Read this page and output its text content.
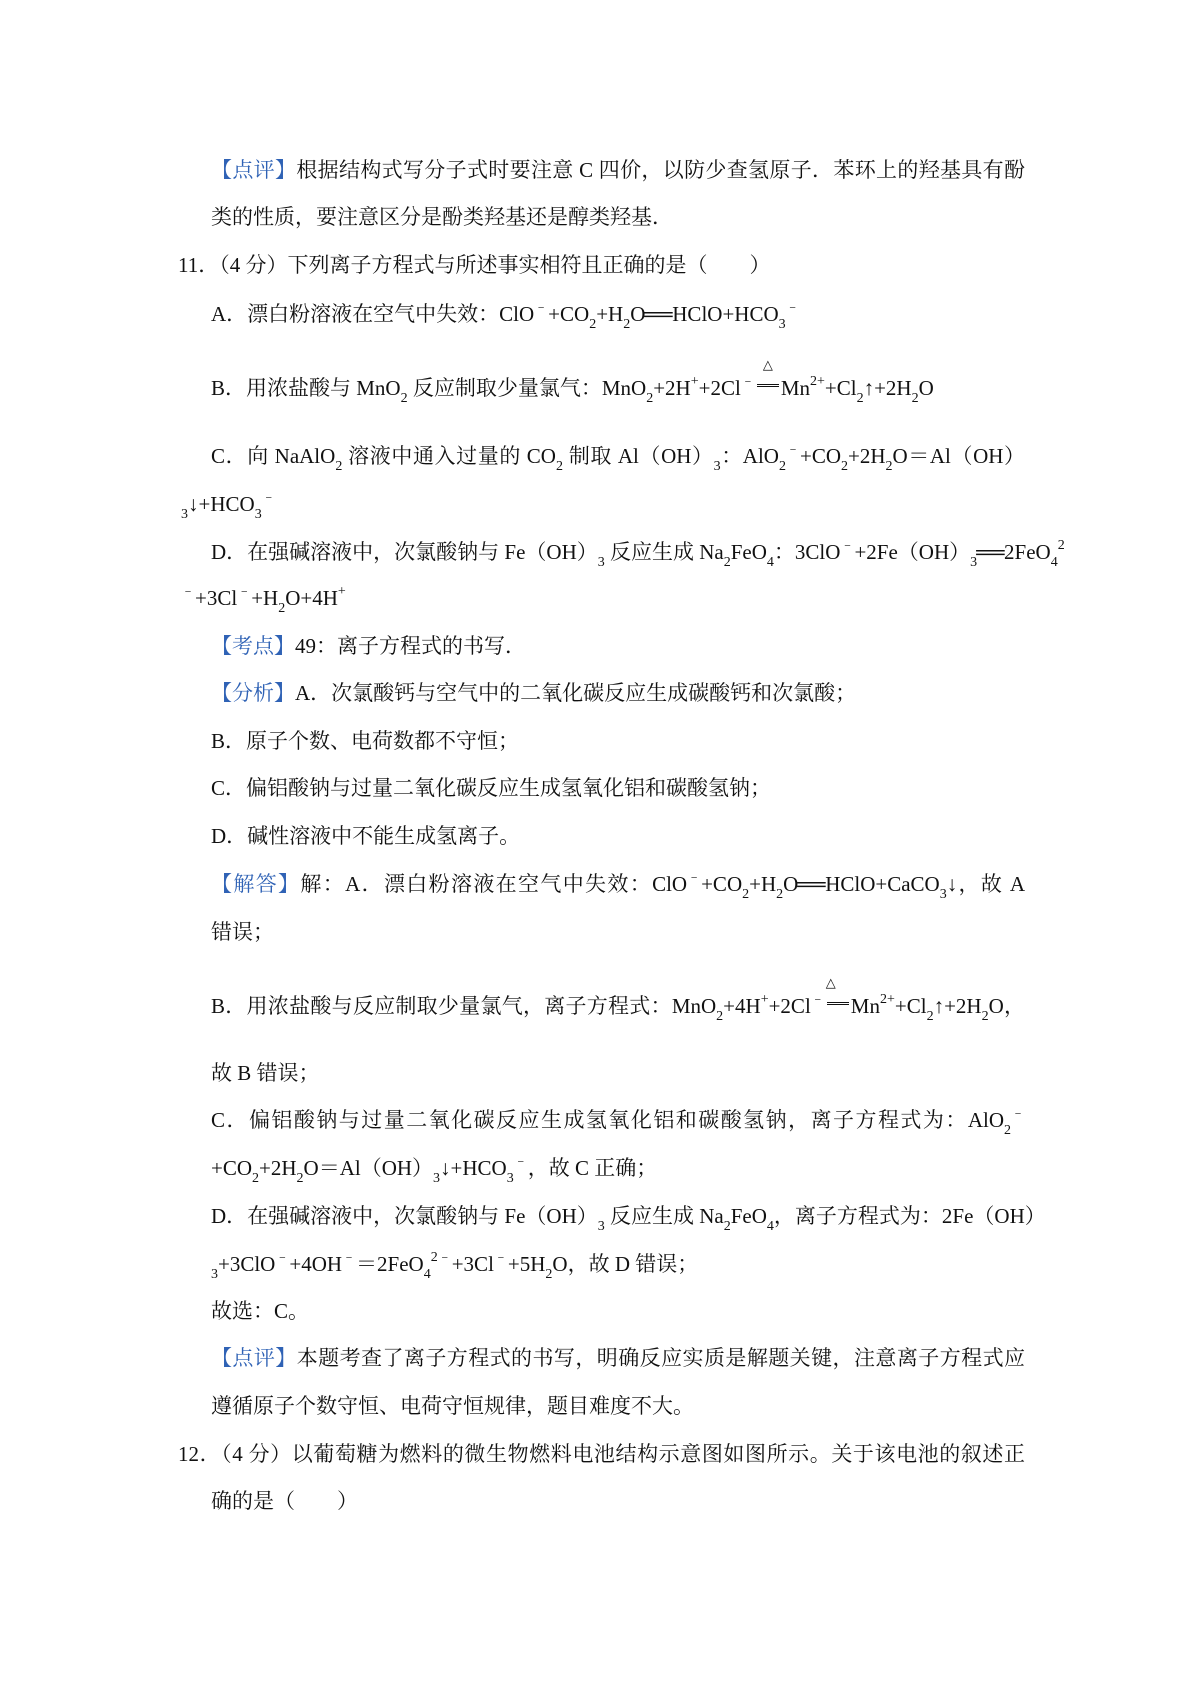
【点评】根据结构式写分子式时要注意 C 四价，以防少查氢原子．苯环上的羟基具有酚
类的性质，要注意区分是酚类羟基还是醇类羟基．
11．（4 分）下列离子方程式与所述事实相符且正确的是（　　）
A．漂白粉溶液在空气中失效：ClO﹣+CO2+H2O═HClO+HCO3﹣
B．用浓盐酸与 MnO2 反应制取少量氯气：MnO2+2H++2Cl﹣
△
Mn2++Cl2↑+2H2O
C．向 NaAlO2 溶液中通入过量的 CO2 制取 Al（OH）3：AlO2﹣+CO2+2H2O＝Al（OH）
3↓+HCO3﹣
D．在强碱溶液中，次氯酸钠与 Fe（OH）3 反应生成 Na2FeO4：3ClO﹣+2Fe（OH）3═2FeO42
﹣+3Cl﹣+H2O+4H+
【考点】49：离子方程式的书写．
【分析】A．次氯酸钙与空气中的二氧化碳反应生成碳酸钙和次氯酸；
B．原子个数、电荷数都不守恒；
C．偏铝酸钠与过量二氧化碳反应生成氢氧化铝和碳酸氢钠；
D．碱性溶液中不能生成氢离子。
【解答】解：A．漂白粉溶液在空气中失效：ClO﹣+CO2+H2O═HClO+CaCO3↓，故 A
错误；
B．用浓盐酸与反应制取少量氯气，离子方程式：MnO2+4H++2Cl﹣
△
Mn2++Cl2↑+2H2O，
故 B 错误；
C．偏铝酸钠与过量二氧化碳反应生成氢氧化铝和碳酸氢钠，离子方程式为：AlO2﹣
+CO2+2H2O＝Al（OH）3↓+HCO3﹣，故 C 正确；
D．在强碱溶液中，次氯酸钠与 Fe（OH）3 反应生成 Na2FeO4，离子方程式为：2Fe（OH）
3+3ClO﹣+4OH﹣＝2FeO42﹣+3Cl﹣+5H2O，故 D 错误；
故选：C。
【点评】本题考查了离子方程式的书写，明确反应实质是解题关键，注意离子方程式应
遵循原子个数守恒、电荷守恒规律，题目难度不大。
12．（4 分）以葡萄糖为燃料的微生物燃料电池结构示意图如图所示。关于该电池的叙述正
确的是（　　）
